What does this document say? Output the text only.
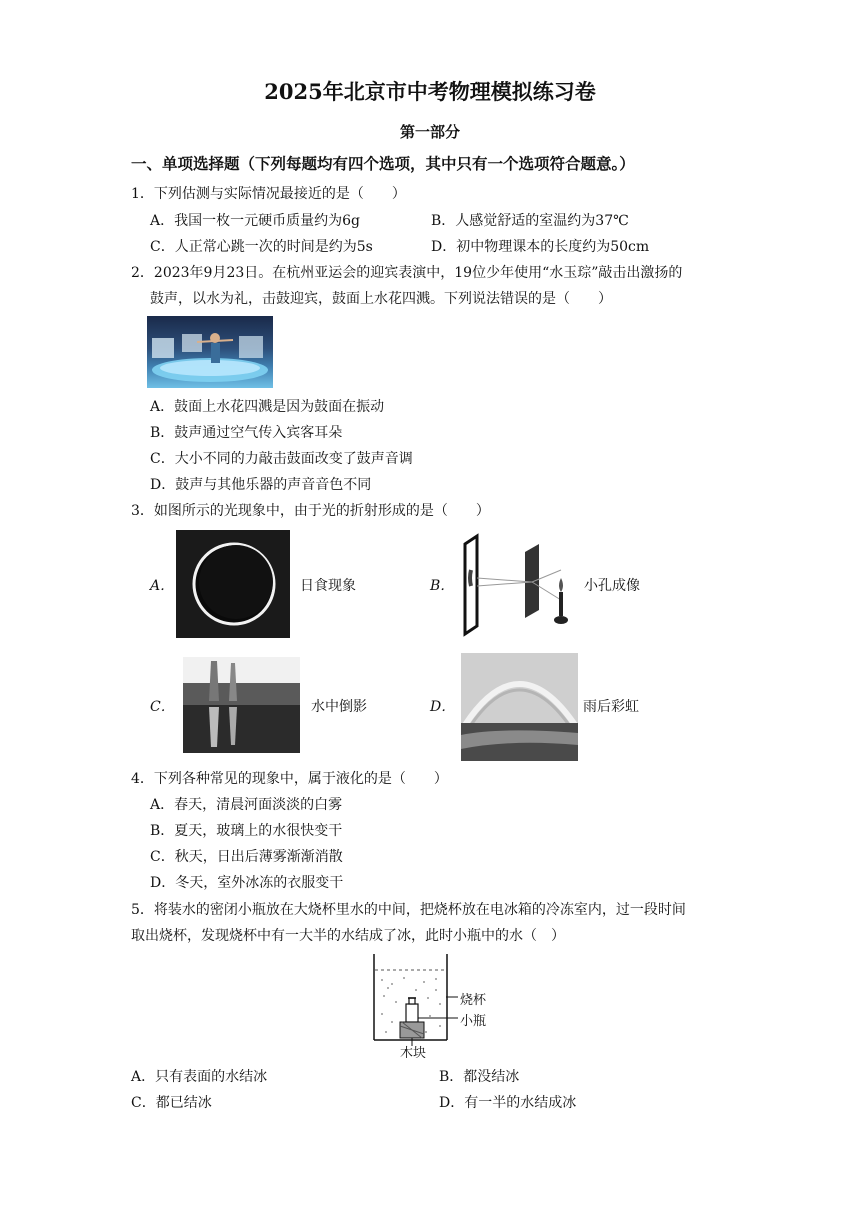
2025年北京市中考物理模拟练习卷
第一部分
一、单项选择题（下列每题均有四个选项，其中只有一个选项符合题意。）
1．下列估测与实际情况最接近的是（　　）
A．我国一枚一元硬币质量约为6g	B．人感觉舒适的室温约为37℃
C．人正常心跳一次的时间是约为5s	D．初中物理课本的长度约为50cm
2．2023年9月23日。在杭州亚运会的迎宾表演中，19位少年使用“水玉琮”敲击出激扬的
鼓声，以水为礼，击鼓迎宾，鼓面上水花四溅。下列说法错误的是（　　）
A．鼓面上水花四溅是因为鼓面在振动
B．鼓声通过空气传入宾客耳朵
C．大小不同的力敲击鼓面改变了鼓声音调
D．鼓声与其他乐器的声音音色不同
3．如图所示的光现象中，由于光的折射形成的是（　　）
A．	日食现象	B．	小孔成像
C．	水中倒影	D．	雨后彩虹
4．下列各种常见的现象中，属于液化的是（　　）
A．春天，清晨河面淡淡的白雾
B．夏天，玻璃上的水很快变干
C．秋天，日出后薄雾渐渐消散
D．冬天，室外冰冻的衣服变干
5．将装水的密闭小瓶放在大烧杯里水的中间，把烧杯放在电冰箱的冷冻室内，过一段时间
取出烧杯，发现烧杯中有一大半的水结成了冰，此时小瓶中的水（　）
烧杯
小瓶
木块
A．只有表面的水结冰	B．都没结冰
C．都已结冰	D．有一半的水结成冰
